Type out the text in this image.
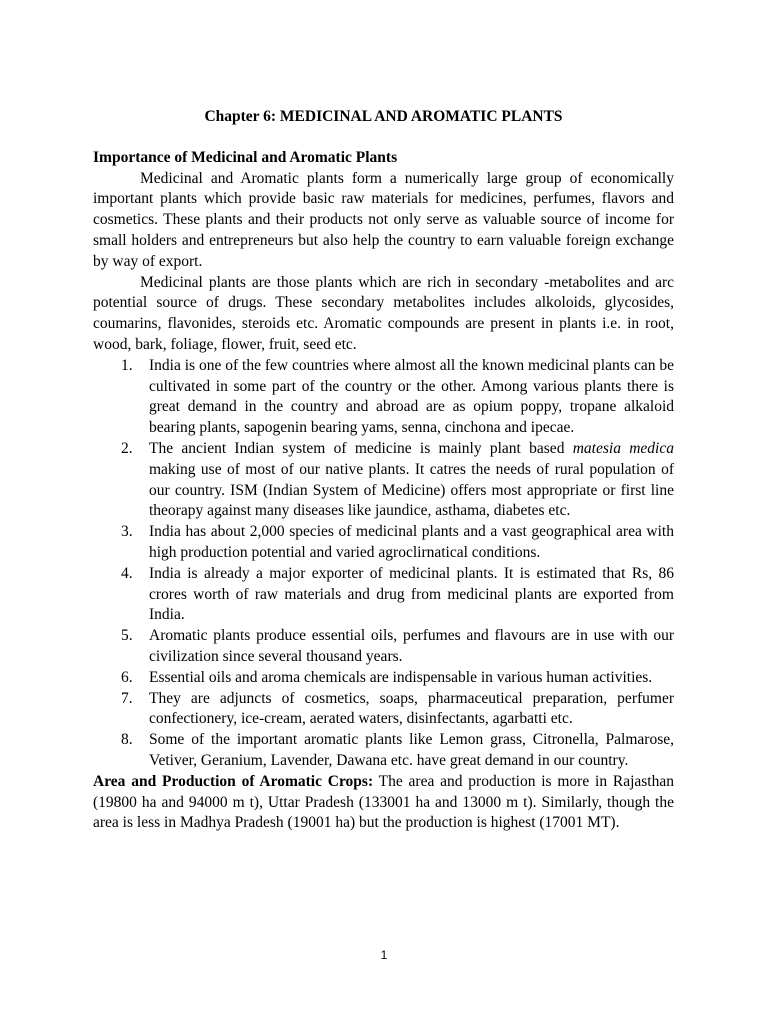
Chapter 6: MEDICINAL AND AROMATIC PLANTS
Importance of Medicinal and Aromatic Plants

Medicinal and Aromatic plants form a numerically large group of economically important plants which provide basic raw materials for medicines, perfumes, flavors and cosmetics. These plants and their products not only serve as valuable source of income for small holders and entrepreneurs but also help the country to earn valuable foreign exchange by way of export.

Medicinal plants are those plants which are rich in secondary -metabolites and arc potential source of drugs. These secondary metabolites includes alkoloids, glycosides, coumarins, flavonides, steroids etc. Aromatic compounds are present in plants i.e. in root, wood, bark, foliage, flower, fruit, seed etc.

1. India is one of the few countries where almost all the known medicinal plants can be cultivated in some part of the country or the other. Among various plants there is great demand in the country and abroad are as opium poppy, tropane alkaloid bearing plants, sapogenin bearing yams, senna, cinchona and ipecae.
2. The ancient Indian system of medicine is mainly plant based matesia medica making use of most of our native plants. It catres the needs of rural population of our country. ISM (Indian System of Medicine) offers most appropriate or first line theorapy against many diseases like jaundice, asthama, diabetes etc.
3. India has about 2,000 species of medicinal plants and a vast geographical area with high production potential and varied agroclirnatical conditions.
4. India is already a major exporter of medicinal plants. It is estimated that Rs, 86 crores worth of raw materials and drug from medicinal plants are exported from India.
5. Aromatic plants produce essential oils, perfumes and flavours are in use with our civilization since several thousand years.
6. Essential oils and aroma chemicals are indispensable in various human activities.
7. They are adjuncts of cosmetics, soaps, pharmaceutical preparation, perfumer confectionery, ice-cream, aerated waters, disinfectants, agarbatti etc.
8. Some of the important aromatic plants like Lemon grass, Citronella, Palmarose, Vetiver, Geranium, Lavender, Dawana etc. have great demand in our country.

Area and Production of Aromatic Crops: The area and production is more in Rajasthan (19800 ha and 94000 m t), Uttar Pradesh (133001 ha and 13000 m t). Similarly, though the area is less in Madhya Pradesh (19001 ha) but the production is highest (17001 MT).

1
